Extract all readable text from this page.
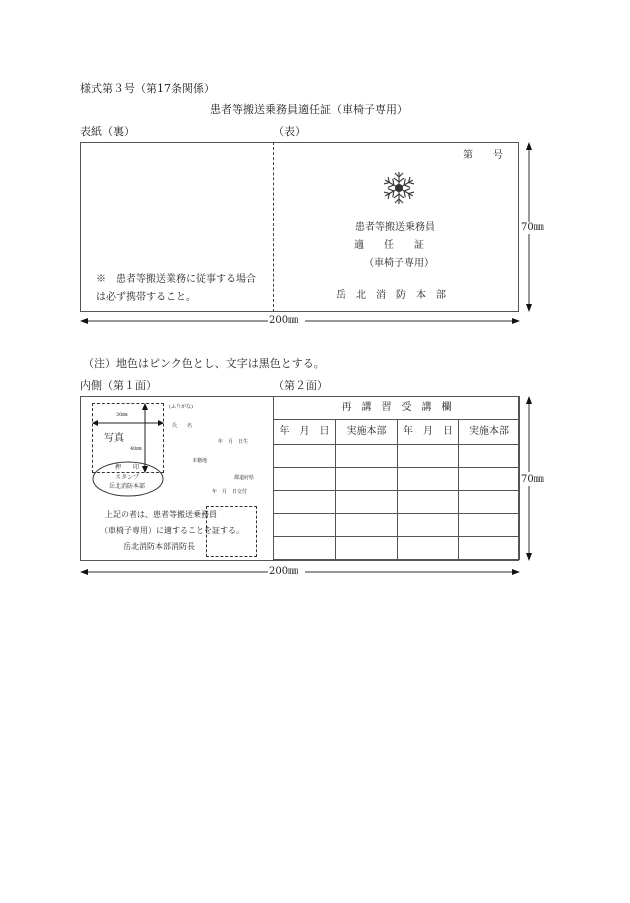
様式第３号（第17条関係）
患者等搬送乗務員適任証（車椅子専用）
表紙（裏）	（表）
第　　号
患者等搬送乗務員
適　　任　　証
（車椅子専用）
岳　北　消　防　本　部
※　患者等搬送業務に従事する場合
は必ず携帯すること。
70㎜
200㎜
（注）地色はピンク色とし、文字は黒色とする。
内側（第１面）	（第２面）
30㎜
40㎜
写真
押　　印
スタンプ
岳北消防本部
(ふりがな)
氏　　名
年　月　日生
本籍地
都道府県
年　月　日交付
上記の者は、患者等搬送乗務員
（車椅子専用）に適することを証する。
岳北消防本部消防長
再　講　習　受　講　欄			
年　月　日	実施本部	年　月　日	実施本部

70㎜
200㎜
